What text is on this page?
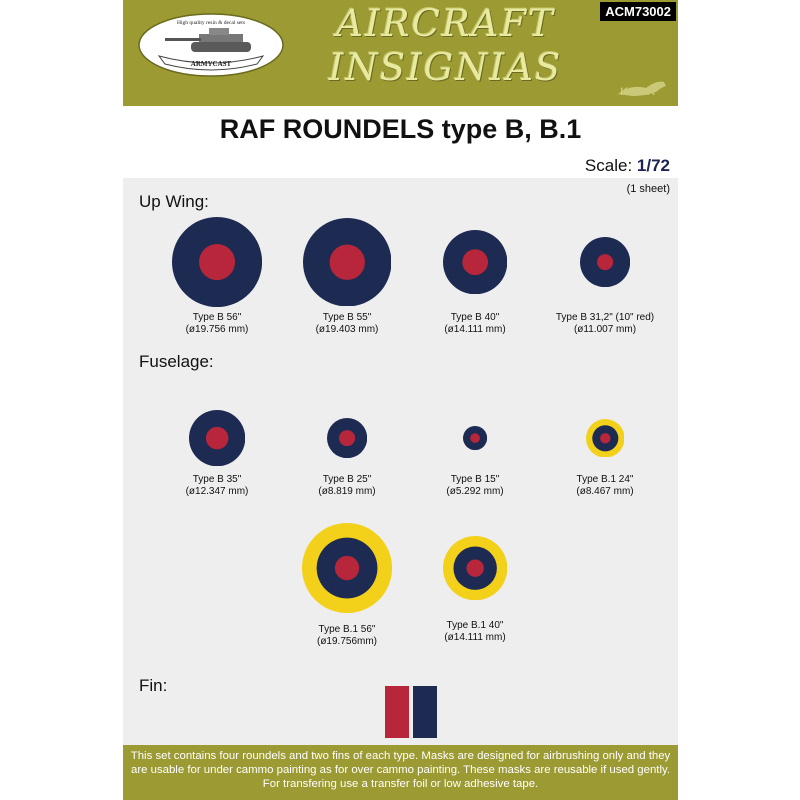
High quality resin & decal sets
ARMYCAST
AIRCRAFT
INSIGNIAS
ACM73002
KUNA
RAF ROUNDELS type B, B.1
Scale: 1/72
(1 sheet)
Up Wing:
Fuselage:
Fin:
Type B 56"
(ø19.756 mm)
Type B 55"
(ø19.403 mm)
Type B 40"
(ø14.111 mm)
Type B 31,2" (10" red)
(ø11.007 mm)
Type B 35"
(ø12.347 mm)
Type B 25"
(ø8.819 mm)
Type B 15"
(ø5.292 mm)
Type B.1 24"
(ø8.467 mm)
Type B.1 56"
(ø19.756mm)
Type B.1 40"
(ø14.111 mm)
This set contains four roundels and two fins of each type. Masks are designed for airbrushing only and they are usable for under cammo painting as for over cammo painting. These masks are reusable if used gently. For transfering use a transfer foil or low adhesive tape.
